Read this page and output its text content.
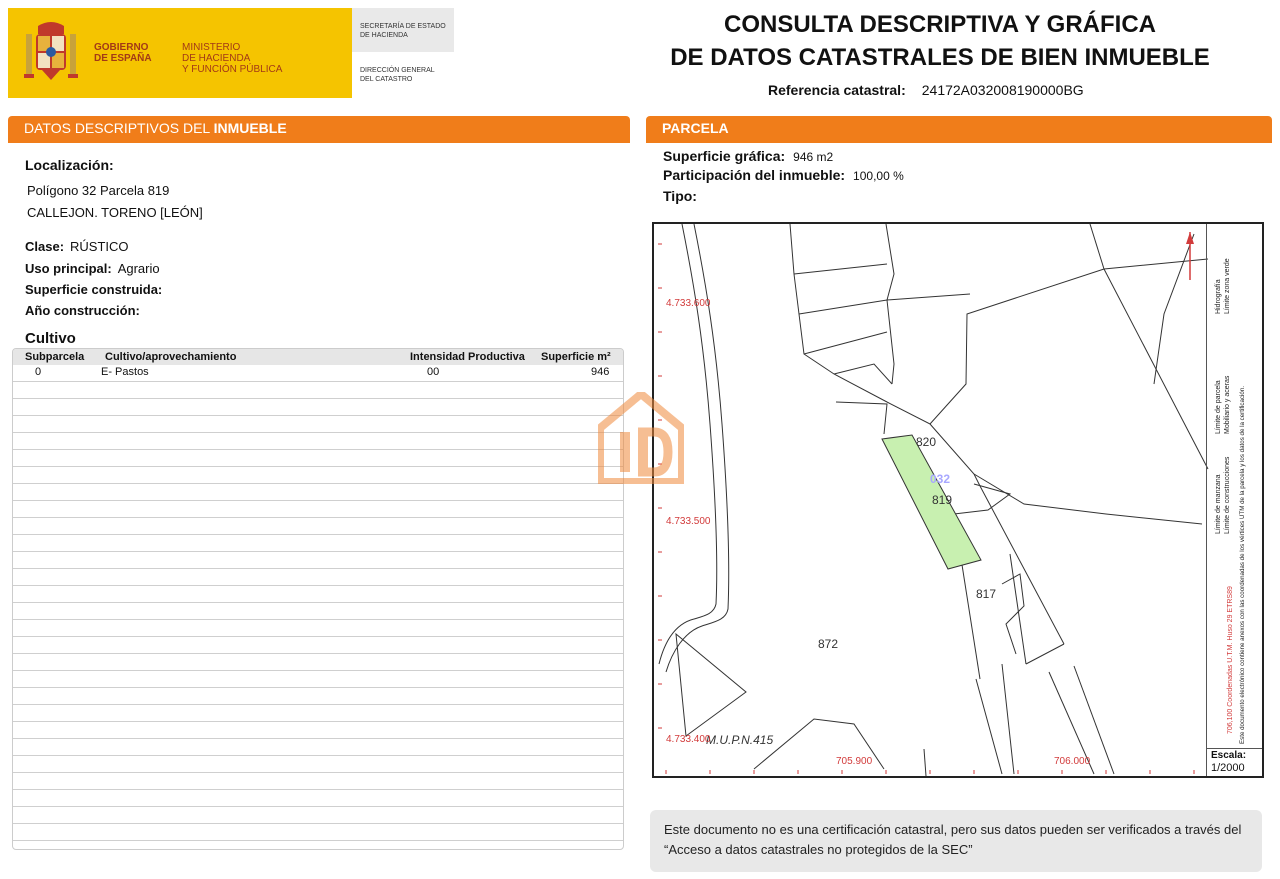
GOBIERNO
DE ESPAÑA
MINISTERIO
DE HACIENDA
Y FUNCIÓN PÚBLICA
SECRETARÍA DE ESTADO
DE HACIENDA
DIRECCIÓN GENERAL
DEL CATASTRO
CONSULTA DESCRIPTIVA Y GRÁFICA
DE DATOS CATASTRALES DE BIEN INMUEBLE
Referencia catastral: 24172A032008190000BG
DATOS DESCRIPTIVOS DEL INMUEBLE
Localización:
Polígono 32 Parcela 819
CALLEJON. TORENO [LEÓN]
Clase: RÚSTICO
Uso principal: Agrario
Superficie construida:
Año construcción:
Cultivo
Subparcela Cultivo/aprovechamiento	Intensidad Productiva Superficie m²
0	E- Pastos	00	946
PARCELA
Superficie gráfica: 946 m2
Participación del inmueble: 100,00 %
Tipo:
820
032
819
817
872
M.U.P.N.415
4.733.600
4.733.500
4.733.400
705.900	706.000
Hidrografía Límite zona verde
Límite de parcela Mobiliario y aceras
Límite de manzana Límite de construcciones
706,100 Coordenadas U.T.M. Huso 29 ETRS89 Este documento electrónico contiene anexos con las coordenadas de los vértices UTM de la parcela y los datos de la certificación.
Escala:
1/2000
Este documento no es una certificación catastral, pero sus datos pueden ser verificados a través del “Acceso a datos catastrales no protegidos de la SEC”
